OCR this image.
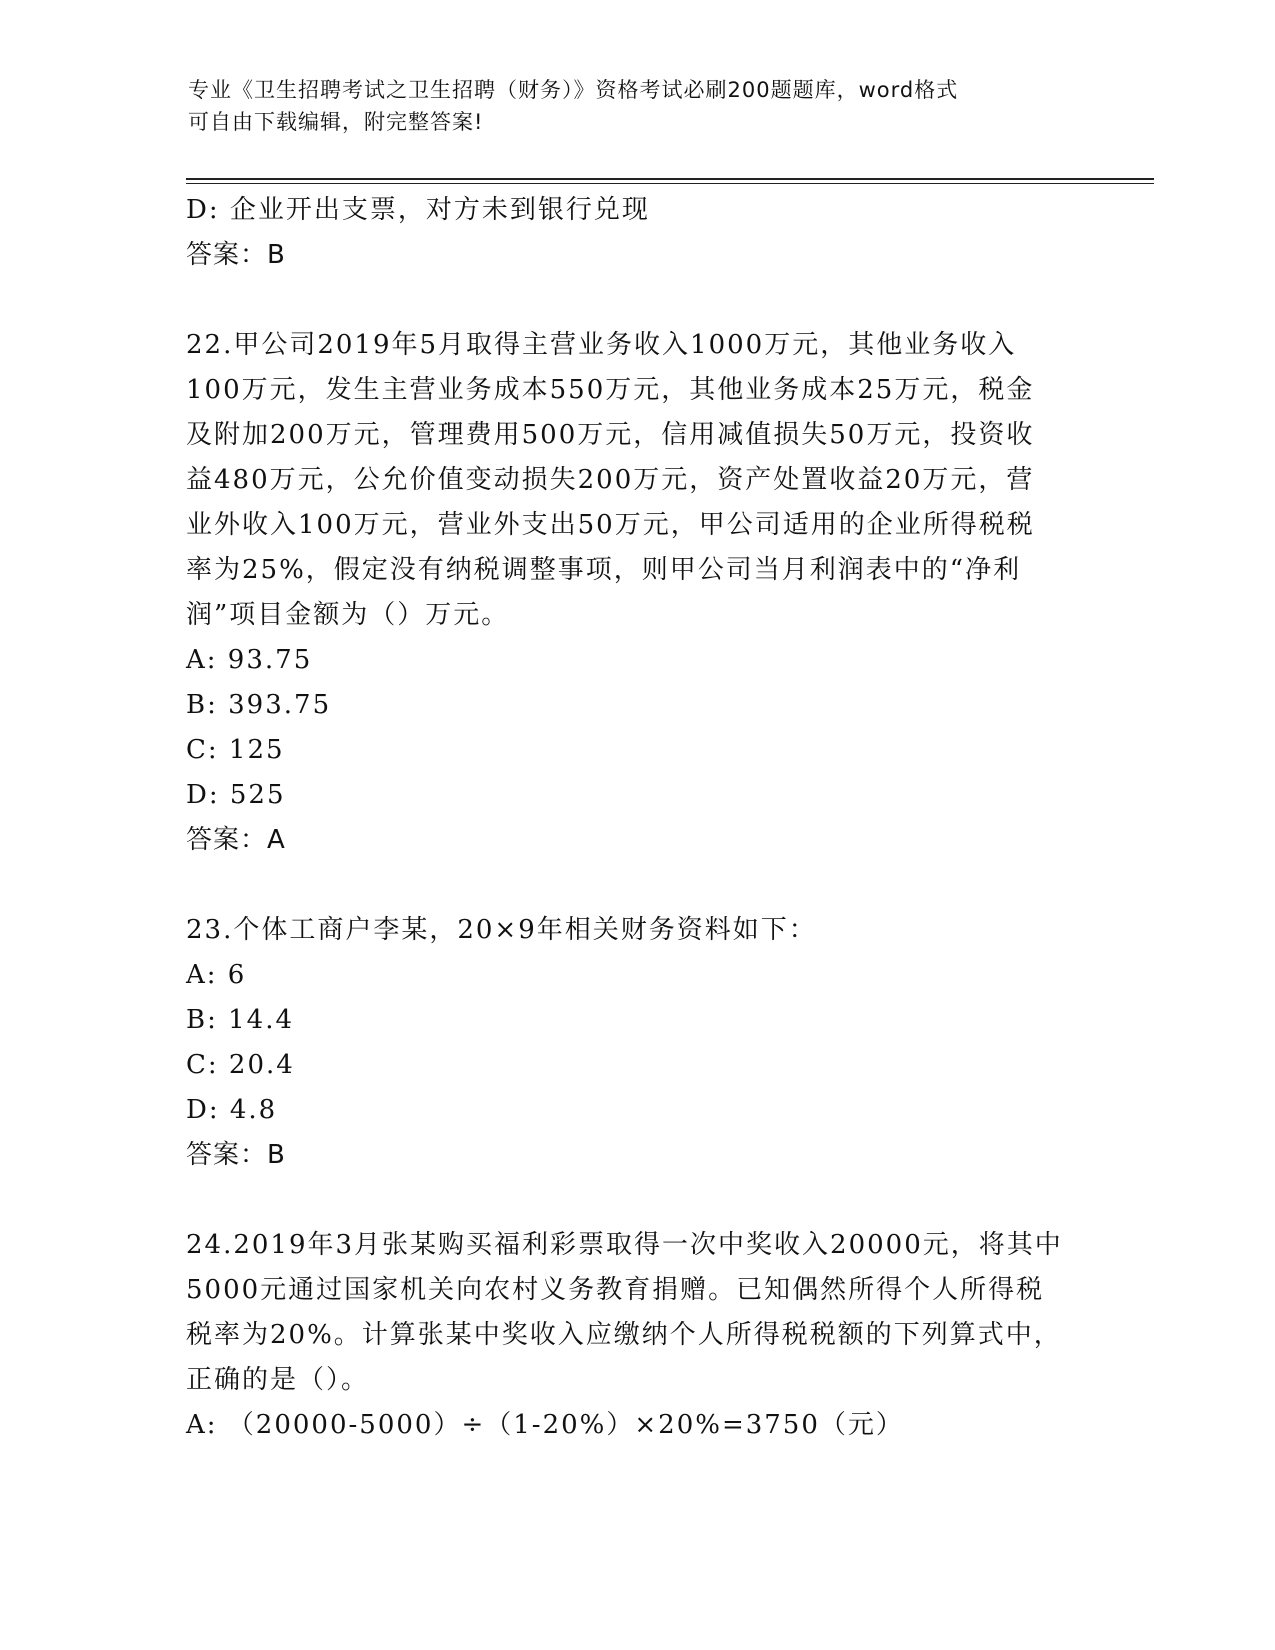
专业《卫生招聘考试之卫生招聘（财务）》资格考试必刷200题题库，word格式
可自由下载编辑，附完整答案!
D: 企业开出支票，对方未到银行兑现
答案：B
22.甲公司2019年5月取得主营业务收入1000万元，其他业务收入
100万元，发生主营业务成本550万元，其他业务成本25万元，税金
及附加200万元，管理费用500万元，信用减值损失50万元，投资收
益480万元，公允价值变动损失200万元，资产处置收益20万元，营
业外收入100万元，营业外支出50万元，甲公司适用的企业所得税税
率为25%，假定没有纳税调整事项，则甲公司当月利润表中的“净利
润”项目金额为（）万元。
A: 93.75
B: 393.75
C: 125
D: 525
答案：A
23.个体工商户李某，20×9年相关财务资料如下：
A: 6
B: 14.4
C: 20.4
D: 4.8
答案：B
24.2019年3月张某购买福利彩票取得一次中奖收入20000元，将其中
5000元通过国家机关向农村义务教育捐赠。已知偶然所得个人所得税
税率为20%。计算张某中奖收入应缴纳个人所得税税额的下列算式中，
正确的是（）。
A: （20000-5000）÷（1-20%）×20%=3750（元）
